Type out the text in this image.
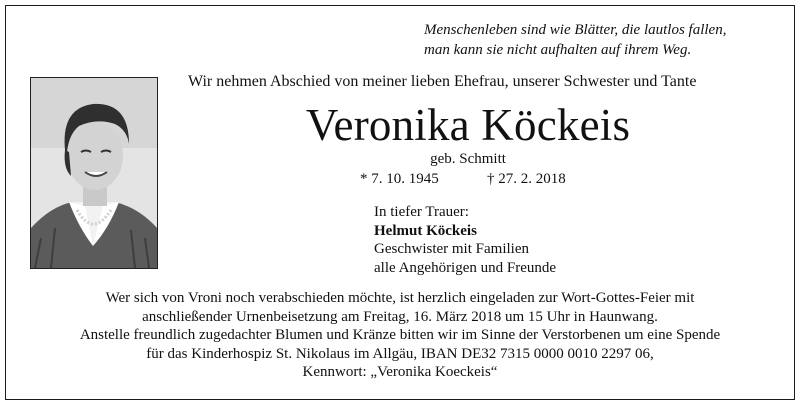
Menschenleben sind wie Blätter, die lautlos fallen,
man kann sie nicht aufhalten auf ihrem Weg.
Wir nehmen Abschied von meiner lieben Ehefrau, unserer Schwester und Tante
Veronika Köckeis
geb. Schmitt
* 7. 10. 1945	† 27. 2. 2018
In tiefer Trauer:
Helmut Köckeis
Geschwister mit Familien
alle Angehörigen und Freunde
Wer sich von Vroni noch verabschieden möchte, ist herzlich eingeladen zur Wort-Gottes-Feier mit
anschließender Urnenbeisetzung am Freitag, 16. März 2018 um 15 Uhr in Haunwang.
Anstelle freundlich zugedachter Blumen und Kränze bitten wir im Sinne der Verstorbenen um eine Spende
für das Kinderhospiz St. Nikolaus im Allgäu, IBAN DE32 7315 0000 0010 2297 06,
Kennwort: „Veronika Koeckeis“
